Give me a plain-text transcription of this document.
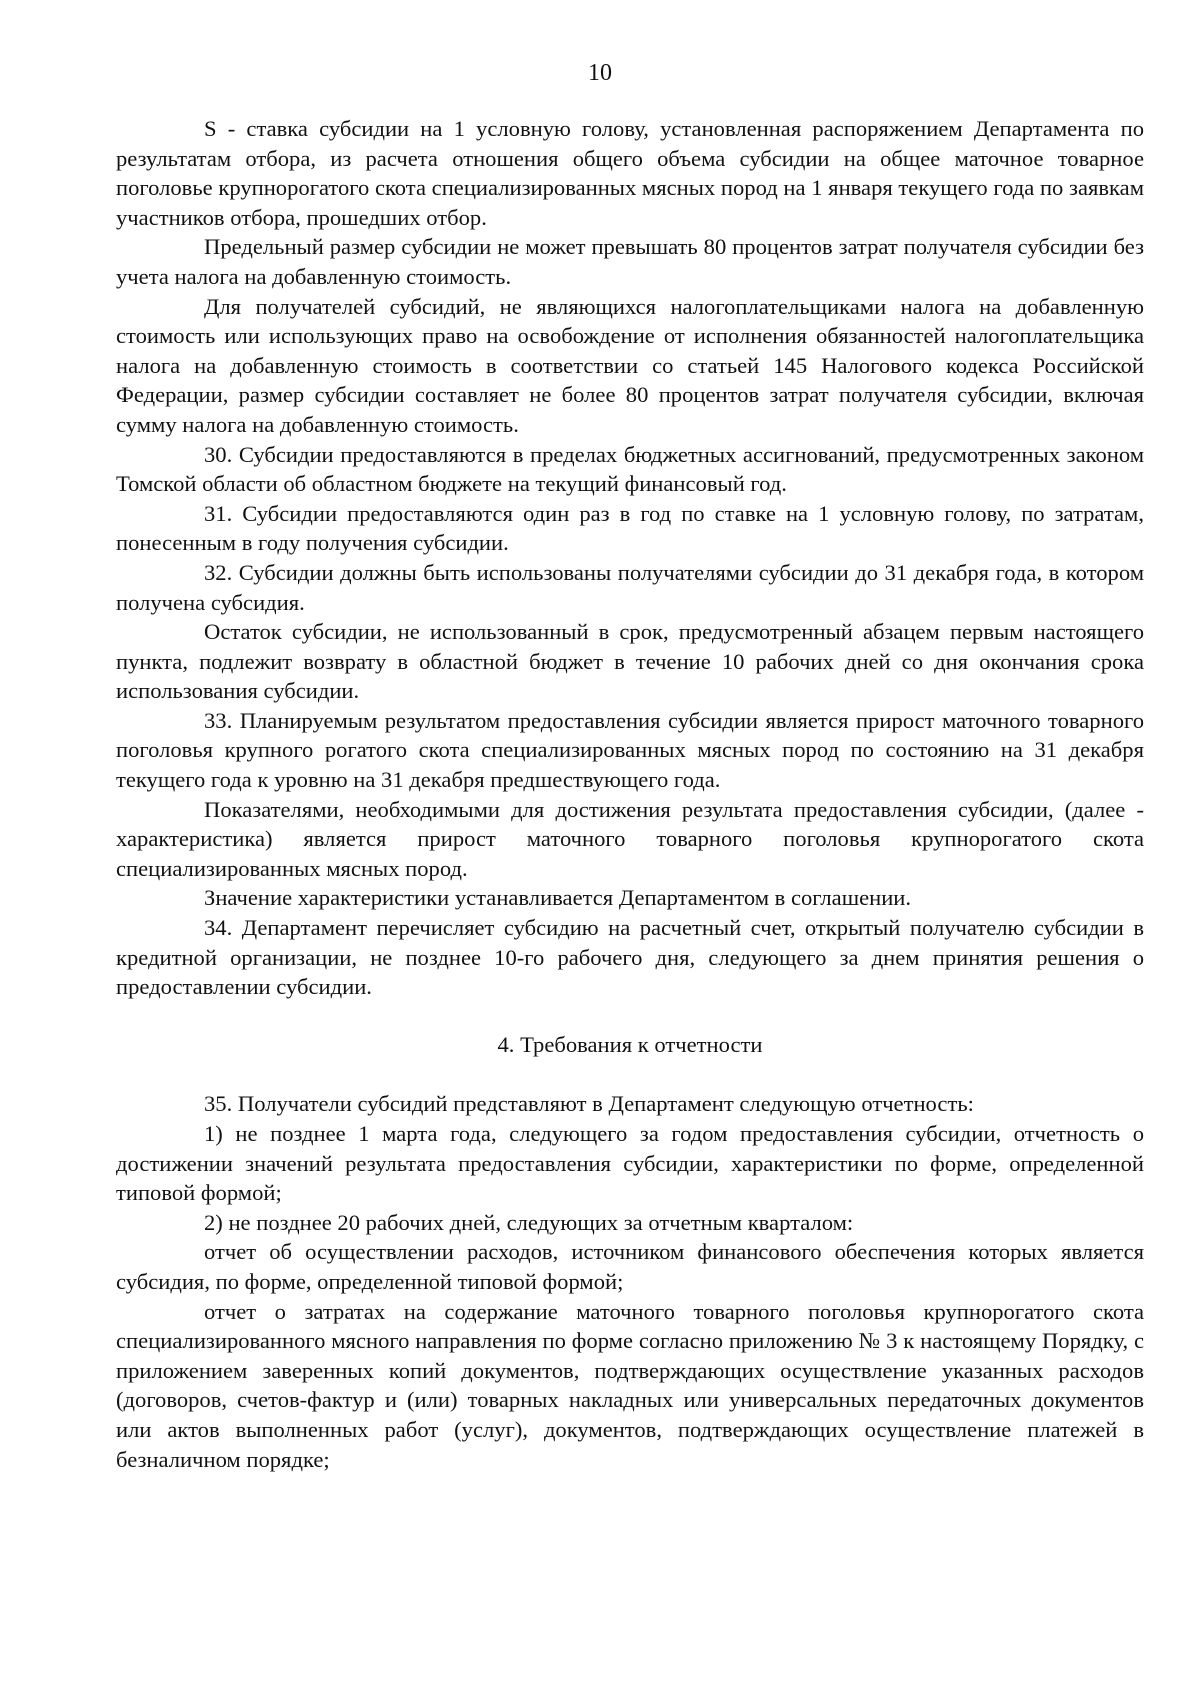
10

S - ставка субсидии на 1 условную голову, установленная распоряжением Департамента по результатам отбора, из расчета отношения общего объема субсидии на общее маточное товарное поголовье крупнорогатого скота специализированных мясных пород на 1 января текущего года по заявкам участников отбора, прошедших отбор.

Предельный размер субсидии не может превышать 80 процентов затрат получателя субсидии без учета налога на добавленную стоимость.

Для получателей субсидий, не являющихся налогоплательщиками налога на добавленную стоимость или использующих право на освобождение от исполнения обязанностей налогоплательщика налога на добавленную стоимость в соответствии со статьей 145 Налогового кодекса Российской Федерации, размер субсидии составляет не более 80 процентов затрат получателя субсидии, включая сумму налога на добавленную стоимость.

30. Субсидии предоставляются в пределах бюджетных ассигнований, предусмотренных законом Томской области об областном бюджете на текущий финансовый год.

31. Субсидии предоставляются один раз в год по ставке на 1 условную голову, по затратам, понесенным в году получения субсидии.

32. Субсидии должны быть использованы получателями субсидии до 31 декабря года, в котором получена субсидия.

Остаток субсидии, не использованный в срок, предусмотренный абзацем первым настоящего пункта, подлежит возврату в областной бюджет в течение 10 рабочих дней со дня окончания срока использования субсидии.

33. Планируемым результатом предоставления субсидии является прирост маточного товарного поголовья крупного рогатого скота специализированных мясных пород по состоянию на 31 декабря текущего года к уровню на 31 декабря предшествующего года.

Показателями, необходимыми для достижения результата предоставления субсидии, (далее - характеристика) является прирост маточного товарного поголовья крупнорогатого скота специализированных мясных пород.

Значение характеристики устанавливается Департаментом в соглашении.

34. Департамент перечисляет субсидию на расчетный счет, открытый получателю субсидии в кредитной организации, не позднее 10-го рабочего дня, следующего за днем принятия решения о предоставлении субсидии.

4. Требования к отчетности

35. Получатели субсидий представляют в Департамент следующую отчетность:

1) не позднее 1 марта года, следующего за годом предоставления субсидии, отчетность о достижении значений результата предоставления субсидии, характеристики по форме, определенной типовой формой;

2) не позднее 20 рабочих дней, следующих за отчетным кварталом:

отчет об осуществлении расходов, источником финансового обеспечения которых является субсидия, по форме, определенной типовой формой;

отчет о затратах на содержание маточного товарного поголовья крупнорогатого скота специализированного мясного направления по форме согласно приложению № 3 к настоящему Порядку, с приложением заверенных копий документов, подтверждающих осуществление указанных расходов (договоров, счетов-фактур и (или) товарных накладных или универсальных передаточных документов или актов выполненных работ (услуг), документов, подтверждающих осуществление платежей в безналичном порядке;
